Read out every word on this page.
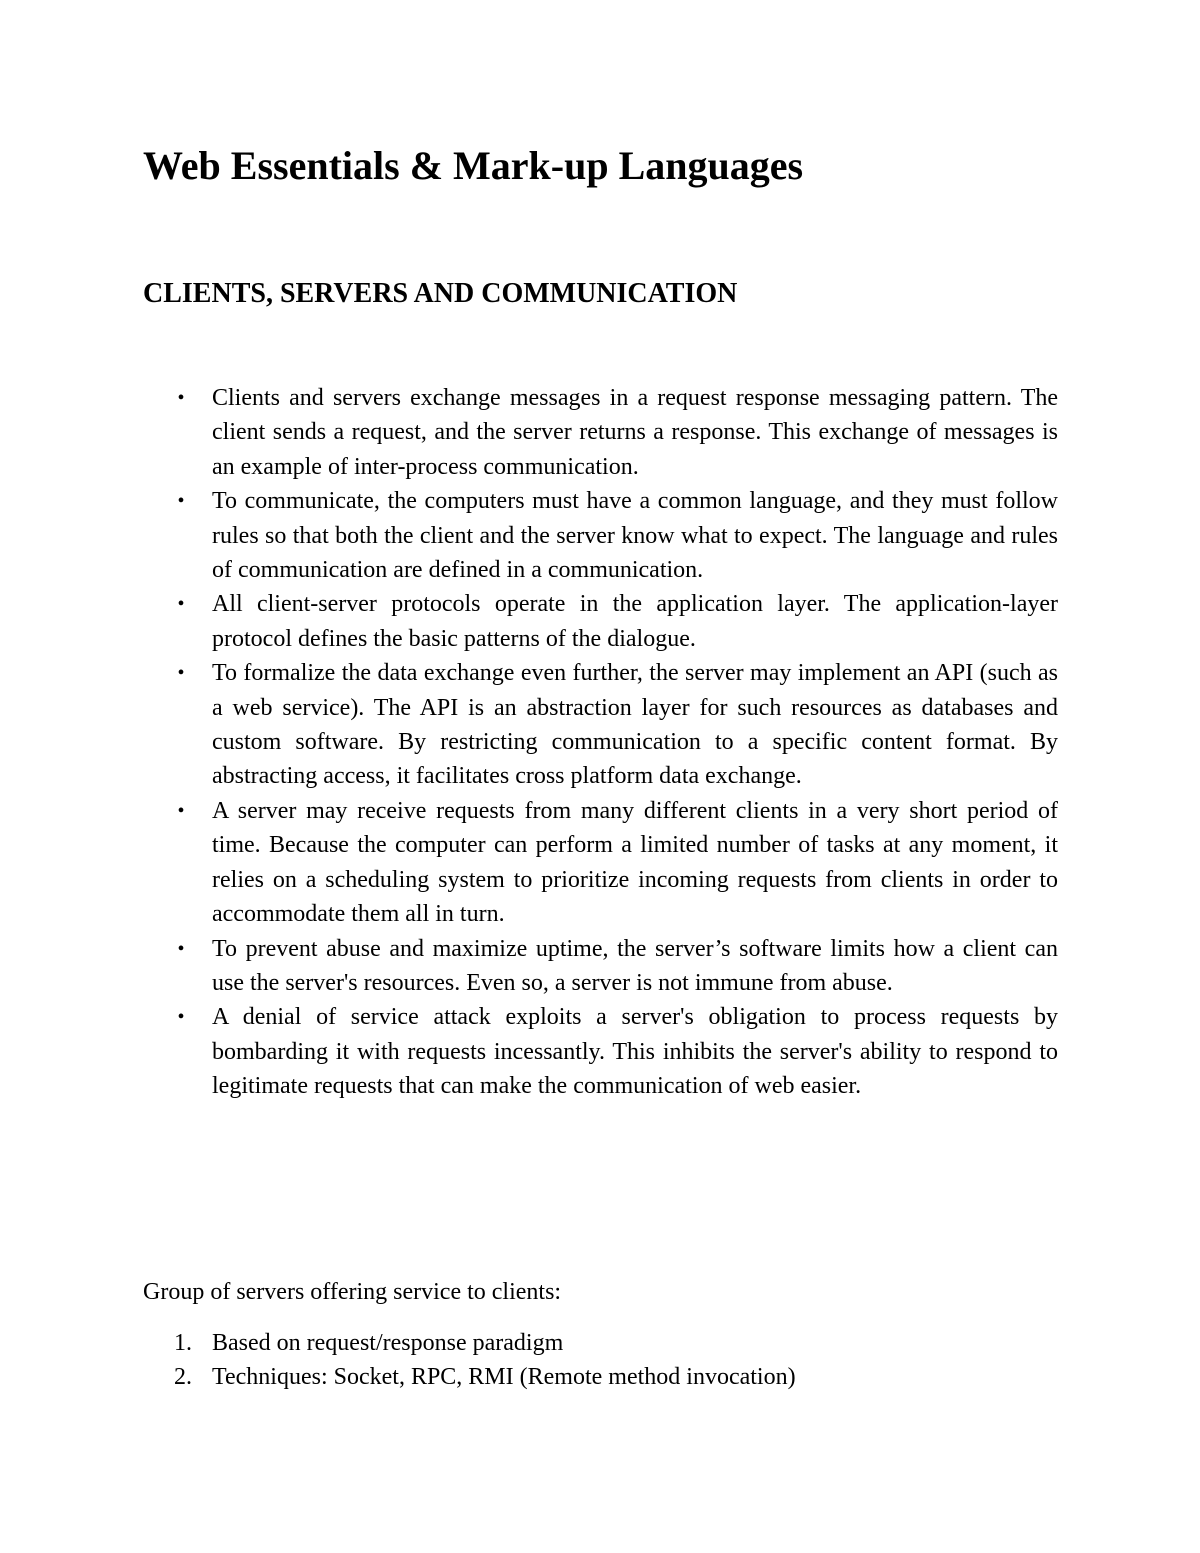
Web Essentials & Mark-up Languages
CLIENTS, SERVERS AND COMMUNICATION
• Clients and servers exchange messages in a request response messaging pattern. The client sends a request, and the server returns a response. This exchange of messages is an example of inter-process communication.
• To communicate, the computers must have a common language, and they must follow rules so that both the client and the server know what to expect. The language and rules of communication are defined in a communication.
• All client-server protocols operate in the application layer. The application-layer protocol defines the basic patterns of the dialogue.
• To formalize the data exchange even further, the server may implement an API (such as a web service). The API is an abstraction layer for such resources as databases and custom software. By restricting communication to a specific content format. By abstracting access, it facilitates cross platform data exchange.
• A server may receive requests from many different clients in a very short period of time. Because the computer can perform a limited number of tasks at any moment, it relies on a scheduling system to prioritize incoming requests from clients in order to accommodate them all in turn.
• To prevent abuse and maximize uptime, the server’s software limits how a client can use the server's resources. Even so, a server is not immune from abuse.
• A denial of service attack exploits a server's obligation to process requests by bombarding it with requests incessantly. This inhibits the server's ability to respond to legitimate requests that can make the communication of web easier.

Group of servers offering service to clients:

1. Based on request/response paradigm
2. Techniques: Socket, RPC, RMI (Remote method invocation)
